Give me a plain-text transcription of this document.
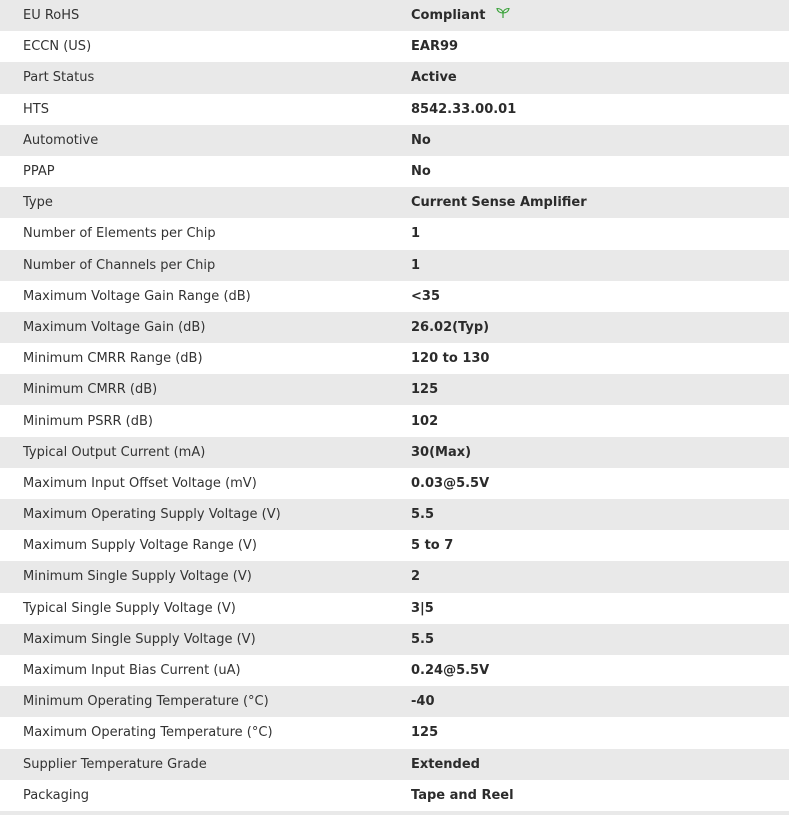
EU RoHS	Compliant
ECCN (US)	EAR99
Part Status	Active
HTS	8542.33.00.01
Automotive	No
PPAP	No
Type	Current Sense Amplifier
Number of Elements per Chip	1
Number of Channels per Chip	1
Maximum Voltage Gain Range (dB)	<35
Maximum Voltage Gain (dB)	26.02(Typ)
Minimum CMRR Range (dB)	120 to 130
Minimum CMRR (dB)	125
Minimum PSRR (dB)	102
Typical Output Current (mA)	30(Max)
Maximum Input Offset Voltage (mV)	0.03@5.5V
Maximum Operating Supply Voltage (V)	5.5
Maximum Supply Voltage Range (V)	5 to 7
Minimum Single Supply Voltage (V)	2
Typical Single Supply Voltage (V)	3|5
Maximum Single Supply Voltage (V)	5.5
Maximum Input Bias Current (uA)	0.24@5.5V
Minimum Operating Temperature (°C)	-40
Maximum Operating Temperature (°C)	125
Supplier Temperature Grade	Extended
Packaging	Tape and Reel
